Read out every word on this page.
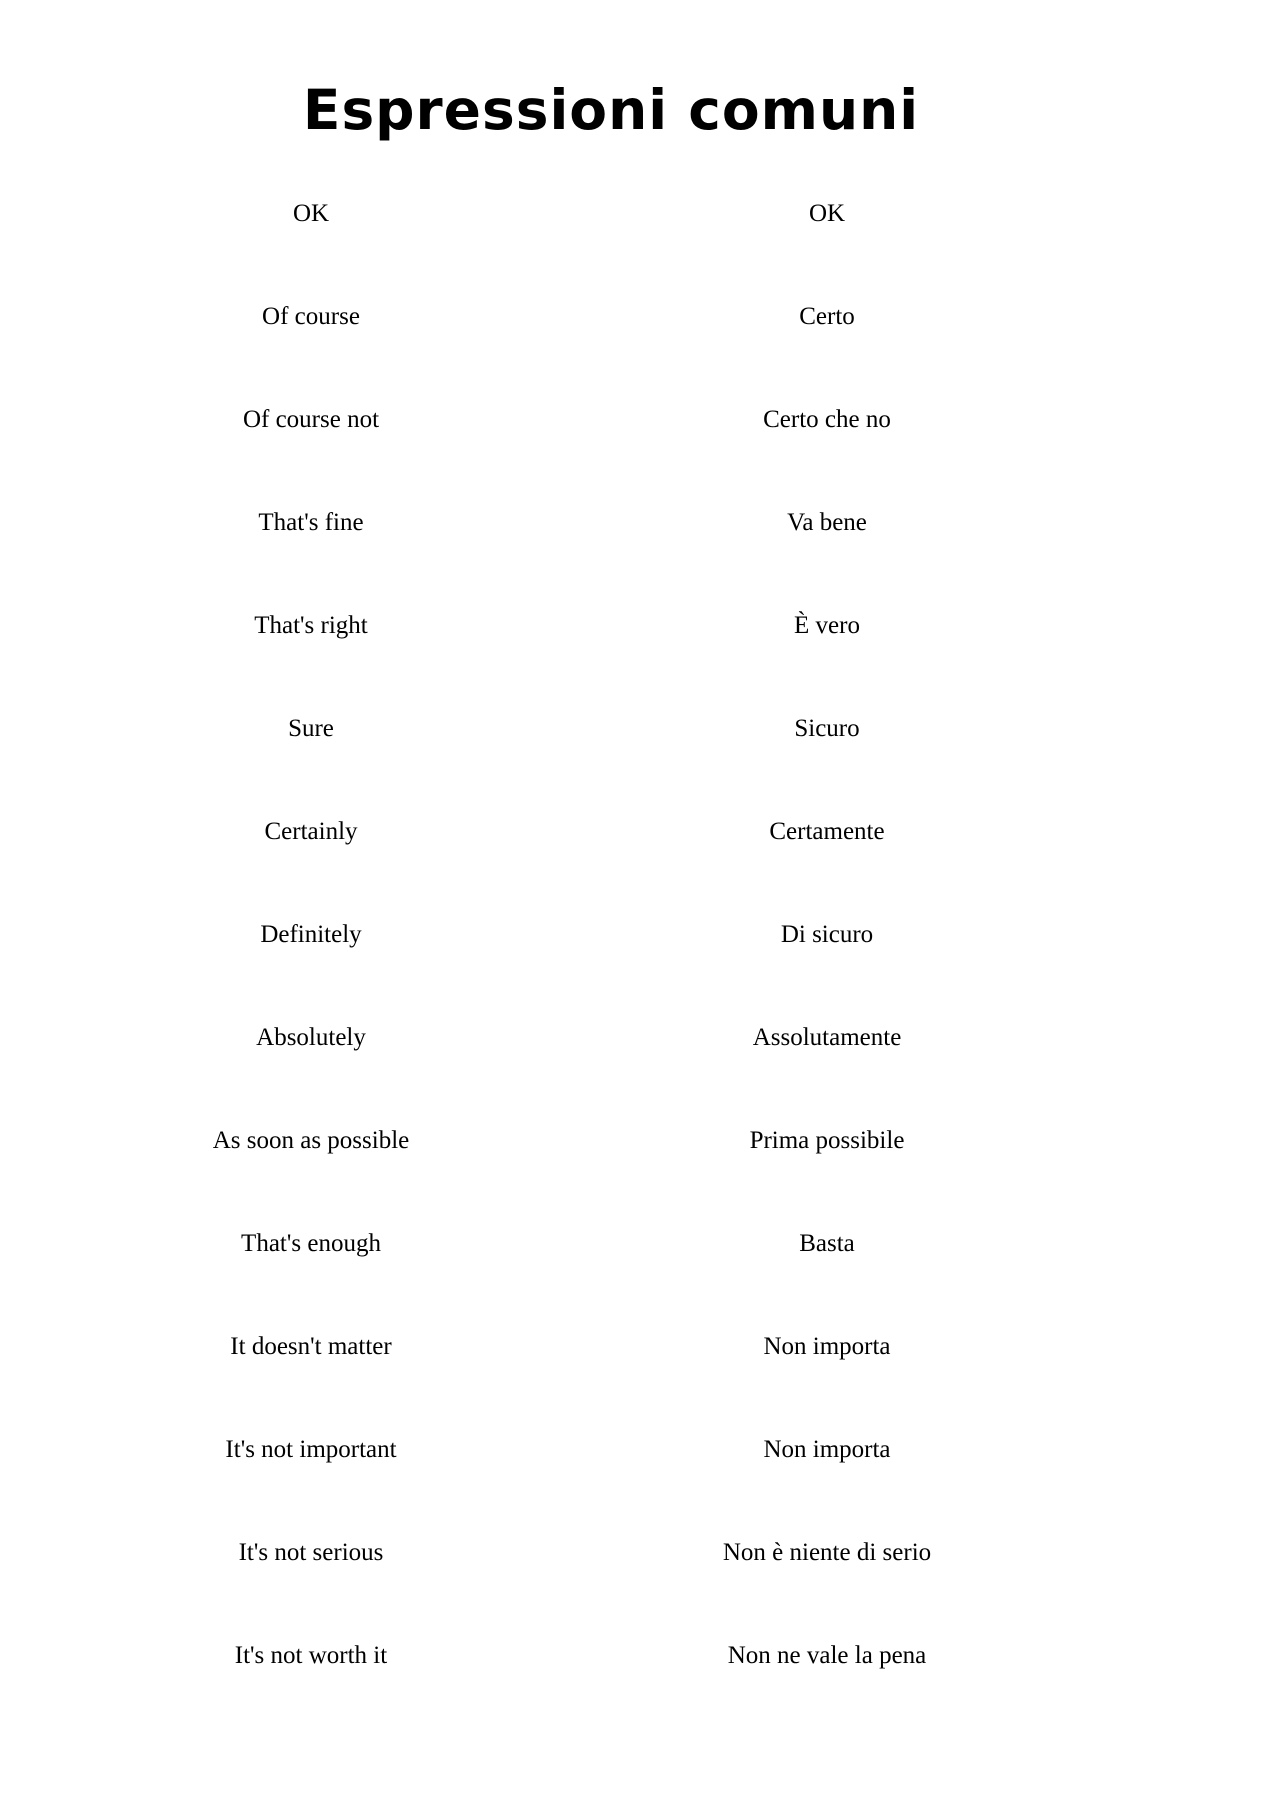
Espressioni comuni
OK	OK
Of course	Certo
Of course not	Certo che no
That's fine	Va bene
That's right	È vero
Sure	Sicuro
Certainly	Certamente
Definitely	Di sicuro
Absolutely	Assolutamente
As soon as possible	Prima possibile
That's enough	Basta
It doesn't matter	Non importa
It's not important	Non importa
It's not serious	Non è niente di serio
It's not worth it	Non ne vale la pena
